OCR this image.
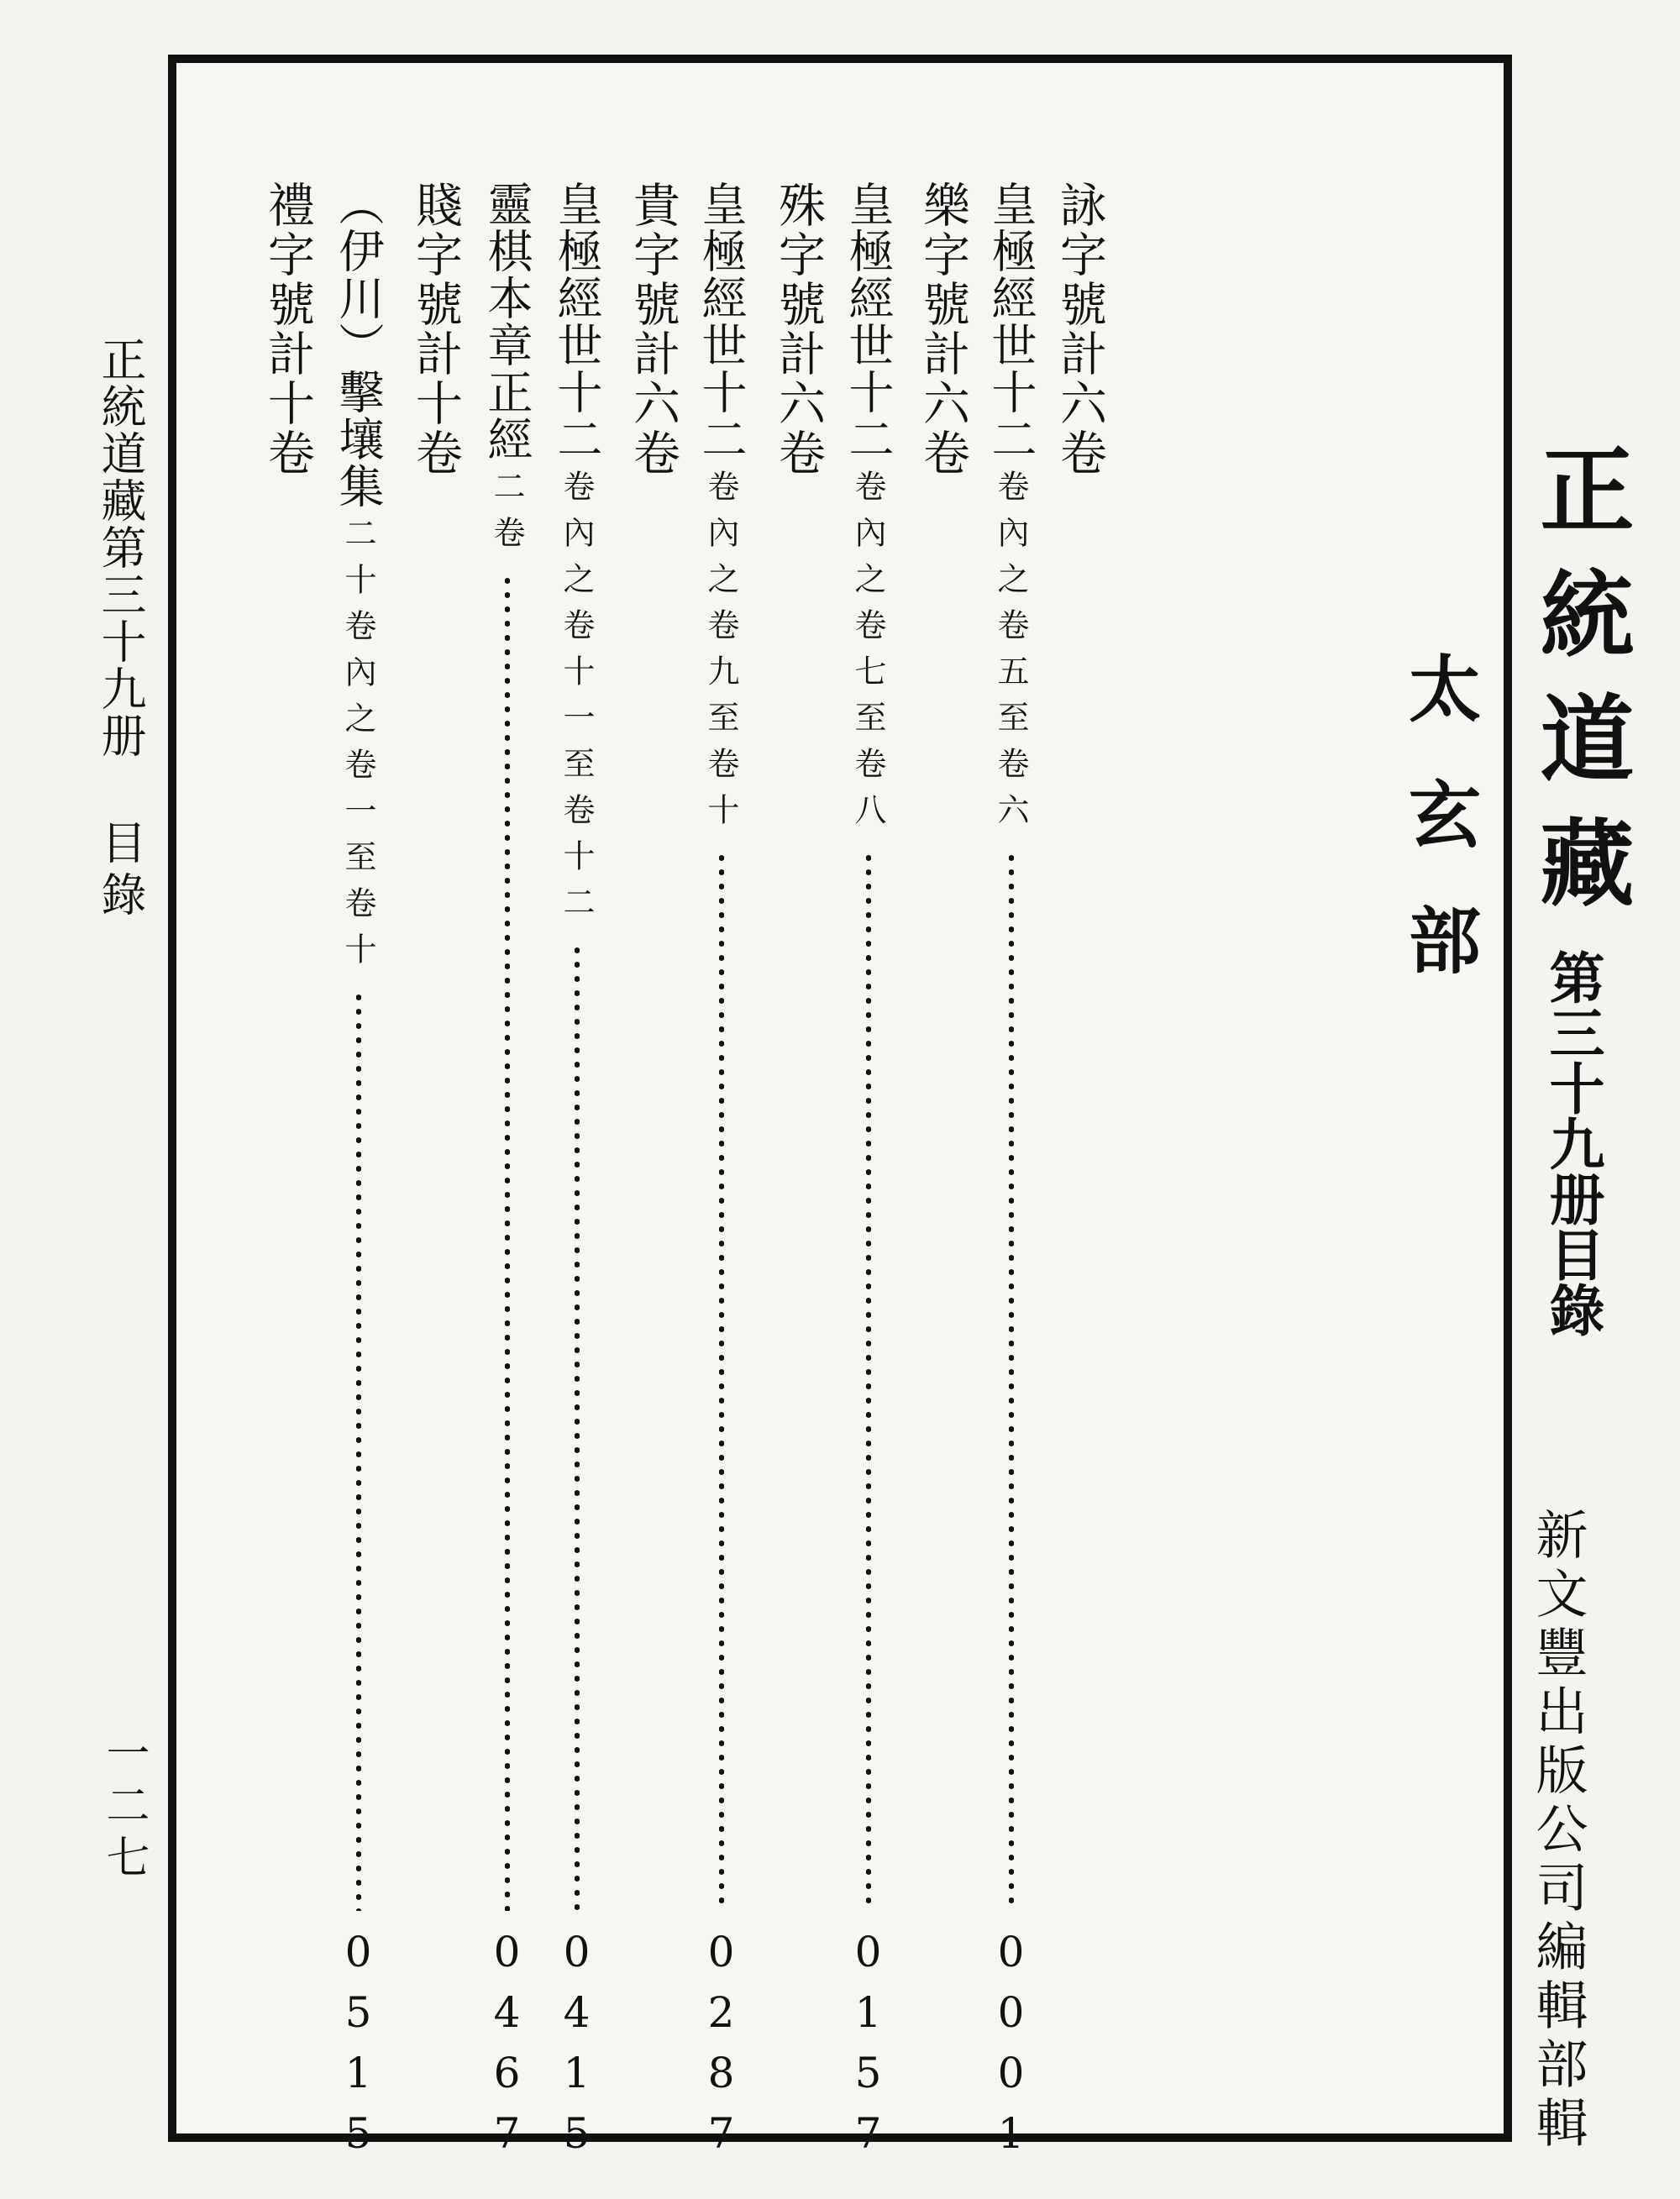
正統道藏第三十九册
目錄
一二七
正統道藏
第三十九册目錄
太玄部
新文豐出版公司編輯部輯
詠字號計六卷
皇極經世十二
卷內之卷五至卷六
0001
樂字號計六卷
皇極經世十二
卷內之卷七至卷八
0157
殊字號計六卷
皇極經世十二
卷內之卷九至卷十
0287
貴字號計六卷
皇極經世十二
卷內之卷十一至卷十二
0415
靈棋本章正經
二卷
0467
賤字號計十卷
︵伊川︶擊壤集
二十卷內之卷一至卷十
0515
禮字號計十卷
